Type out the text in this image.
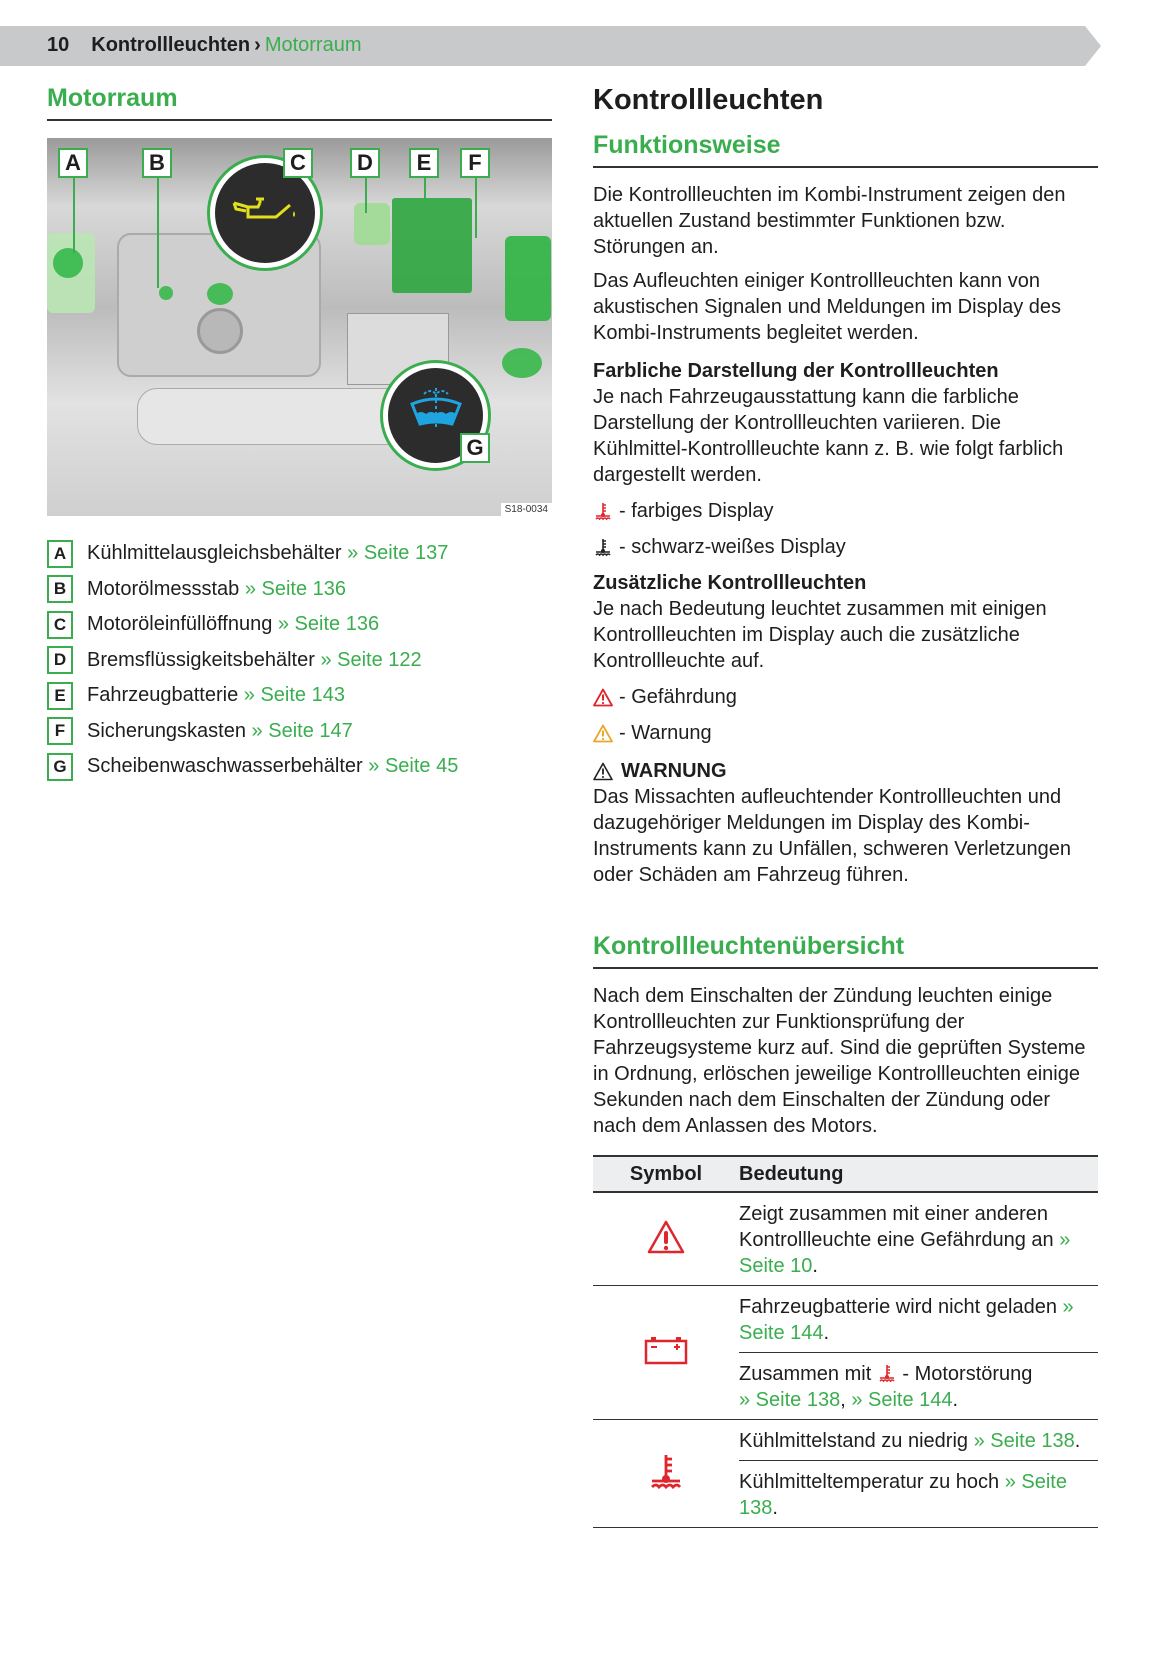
10 Kontrollleuchten › Motorraum
Motorraum
A	B	C	D	E	F
G
S18-0034
A	Kühlmittelausgleichsbehälter
» Seite 137
B	Motorölmessstab
» Seite 136
C	Motoröleinfüllöffnung
» Seite 136
D	Bremsflüssigkeitsbehälter
» Seite 122
E	Fahrzeugbatterie
» Seite 143
F	Sicherungskasten
» Seite 147
G	Scheibenwaschwasserbehälter
» Seite 45
Kontrollleuchten
Funktionsweise

Die Kontrollleuchten im Kombi-Instrument zeigen den aktuellen Zustand bestimmter Funktionen bzw. Störungen an.

Das Aufleuchten einiger Kontrollleuchten kann von akustischen Signalen und Meldungen im Display des Kombi-Instruments begleitet werden.

Farbliche Darstellung der Kontrollleuchten

Je nach Fahrzeugausstattung kann die farbliche Darstellung der Kontrollleuchten variieren. Die Kühlmittel-Kontrollleuchte kann z. B. wie folgt farblich dargestellt werden.

- farbiges Display
- schwarz-weißes Display
Zusätzliche Kontrollleuchten

Je nach Bedeutung leuchtet zusammen mit einigen Kontrollleuchten im Display auch die zusätzliche Kontrollleuchte auf.

- Gefährdung
- Warnung
WARNUNG

Das Missachten aufleuchtender Kontrollleuchten und dazugehöriger Meldungen im Display des Kombi-Instruments kann zu Unfällen, schweren Verletzungen oder Schäden am Fahrzeug führen.

Kontrollleuchtenübersicht

Nach dem Einschalten der Zündung leuchten einige Kontrollleuchten zur Funktionsprüfung der Fahrzeugsysteme kurz auf. Sind die geprüften Systeme in Ordnung, erlöschen jeweilige Kontrollleuchten einige Sekunden nach dem Einschalten der Zündung oder nach dem Anlassen des Motors.

Symbol	Bedeutung
	Zeigt zusammen mit einer anderen Kontrollleuchte eine Gefährdung an » Seite 10.
	Fahrzeugbatterie wird nicht geladen » Seite 144.
	Zusammen mit  - Motorstörung
» Seite 138, » Seite 144.
	Kühlmittelstand zu niedrig » Seite 138.
	Kühlmitteltemperatur zu hoch » Seite 138.
